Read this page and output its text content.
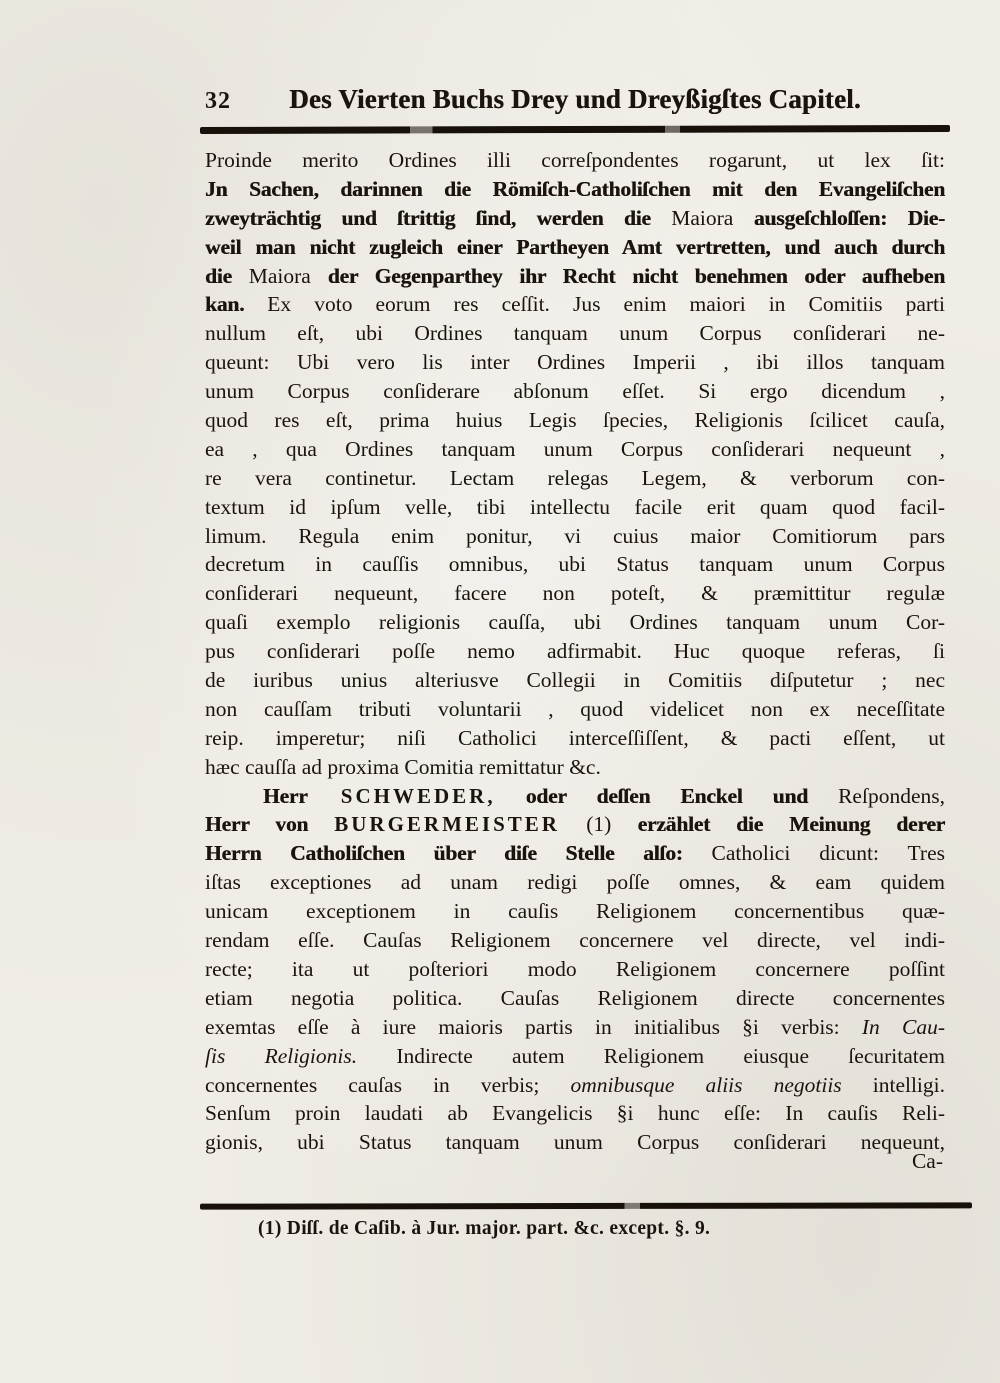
32 Des Vierten Buchs Drey und Dreyßigſtes Capitel.
Proinde merito Ordines illi correſpondentes rogarunt, ut lex ſit:
Jn Sachen, darinnen die Römiſch-Catholiſchen mit den Evangeliſchen
zweyträchtig und ſtrittig ſind, werden die Maiora ausgeſchloſſen: Die-
weil man nicht zugleich einer Partheyen Amt vertretten, und auch durch
die Maiora der Gegenparthey ihr Recht nicht benehmen oder aufheben
kan. Ex voto eorum res ceſſit. Jus enim maiori in Comitiis parti
nullum eſt, ubi Ordines tanquam unum Corpus conſiderari ne-
queunt: Ubi vero lis inter Ordines Imperii , ibi illos tanquam
unum Corpus conſiderare abſonum eſſet. Si ergo dicendum ,
quod res eſt, prima huius Legis ſpecies, Religionis ſcilicet cauſa,
ea , qua Ordines tanquam unum Corpus conſiderari nequeunt ,
re vera continetur. Lectam relegas Legem, & verborum con-
textum id ipſum velle, tibi intellectu facile erit quam quod facil-
limum. Regula enim ponitur, vi cuius maior Comitiorum pars
decretum in cauſſis omnibus, ubi Status tanquam unum Corpus
conſiderari nequeunt, facere non poteſt, & præmittitur regulæ
quaſi exemplo religionis cauſſa, ubi Ordines tanquam unum Cor-
pus conſiderari poſſe nemo adfirmabit. Huc quoque referas, ſi
de iuribus unius alteriusve Collegii in Comitiis diſputetur ; nec
non cauſſam tributi voluntarii , quod videlicet non ex neceſſitate
reip. imperetur; niſi Catholici interceſſiſſent, & pacti eſſent, ut
hæc cauſſa ad proxima Comitia remittatur &c.
Herr SCHWEDER, oder deſſen Enckel und Reſpondens,
Herr von BURGERMEISTER (1) erzählet die Meinung derer
Herrn Catholiſchen über diſe Stelle alſo: Catholici dicunt: Tres
iſtas exceptiones ad unam redigi poſſe omnes, & eam quidem
unicam exceptionem in cauſis Religionem concernentibus quæ-
rendam eſſe. Cauſas Religionem concernere vel directe, vel indi-
recte; ita ut poſteriori modo Religionem concernere poſſint
etiam negotia politica. Cauſas Religionem directe concernentes
exemtas eſſe à iure maioris partis in initialibus §i verbis: In Cau-
ſis Religionis. Indirecte autem Religionem eiusque ſecuritatem
concernentes cauſas in verbis; omnibusque aliis negotiis intelligi.
Senſum proin laudati ab Evangelicis §i hunc eſſe: In cauſis Reli-
gionis, ubi Status tanquam unum Corpus conſiderari nequeunt,
Ca-
(1) Diſſ. de Caſib. à Jur. major. part. &c. except. §. 9.
